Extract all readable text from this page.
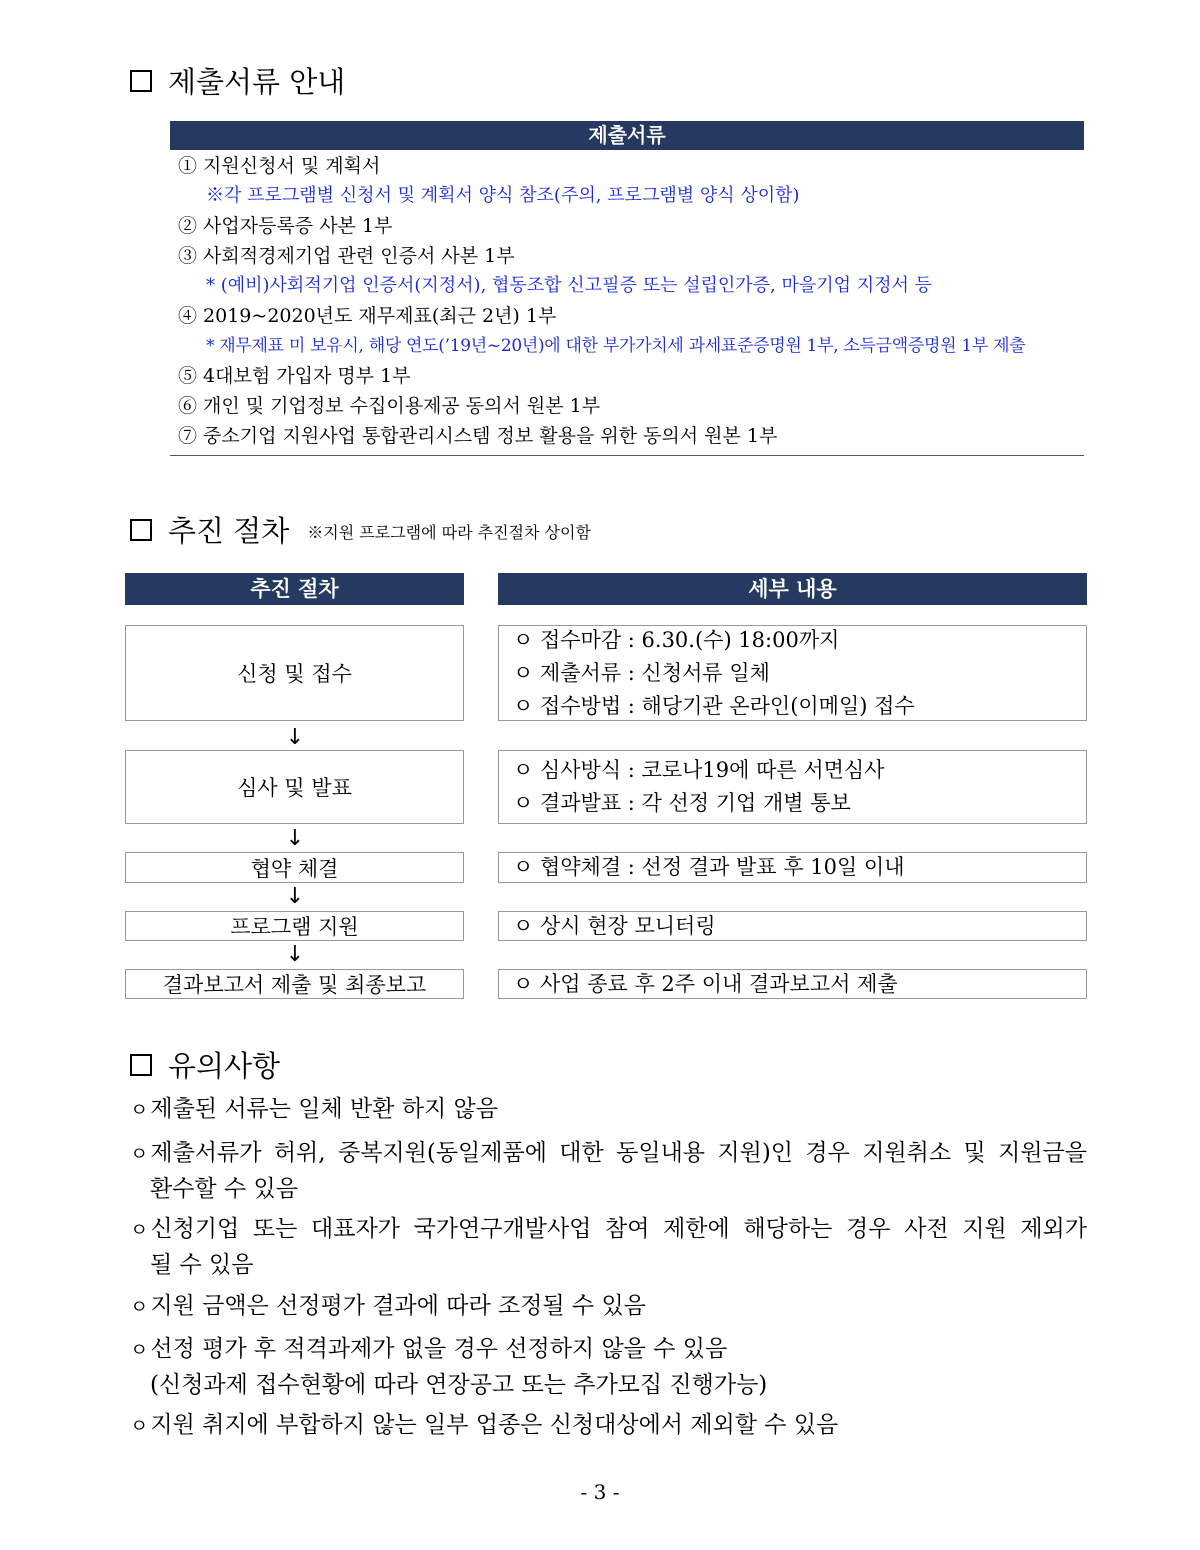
제출서류 안내
제출서류
① 지원신청서 및 계획서
※각 프로그램별 신청서 및 계획서 양식 참조(주의, 프로그램별 양식 상이함)
② 사업자등록증 사본 1부
③ 사회적경제기업 관련 인증서 사본 1부
* (예비)사회적기업 인증서(지정서), 협동조합 신고필증 또는 설립인가증, 마을기업 지정서 등
④ 2019~2020년도 재무제표(최근 2년) 1부
* 재무제표 미 보유시, 해당 연도(’19년~20년)에 대한 부가가치세 과세표준증명원 1부, 소득금액증명원 1부 제출
⑤ 4대보험 가입자 명부 1부
⑥ 개인 및 기업정보 수집이용제공 동의서 원본 1부
⑦ 중소기업 지원사업 통합관리시스템 정보 활용을 위한 동의서 원본 1부
추진 절차 ※지원 프로그램에 따라 추진절차 상이함
추진 절차	세부 내용
신청 및 접수
ㅇ 접수마감 : 6.30.(수) 18:00까지
ㅇ 제출서류 : 신청서류 일체
ㅇ 접수방법 : 해당기관 온라인(이메일) 접수
↓
심사 및 발표
ㅇ 심사방식 : 코로나19에 따른 서면심사
ㅇ 결과발표 : 각 선정 기업 개별 통보
↓
협약 체결	ㅇ 협약체결 : 선정 결과 발표 후 10일 이내
↓
프로그램 지원	ㅇ 상시 현장 모니터링
↓
결과보고서 제출 및 최종보고	ㅇ 사업 종료 후 2주 이내 결과보고서 제출
유의사항
ㅇ제출된 서류는 일체 반환 하지 않음
ㅇ제출서류가 허위, 중복지원(동일제품에 대한 동일내용 지원)인 경우 지원취소 및 지원금을
환수할 수 있음
ㅇ신청기업 또는 대표자가 국가연구개발사업 참여 제한에 해당하는 경우 사전 지원 제외가
될 수 있음
ㅇ지원 금액은 선정평가 결과에 따라 조정될 수 있음
ㅇ선정 평가 후 적격과제가 없을 경우 선정하지 않을 수 있음
(신청과제 접수현황에 따라 연장공고 또는 추가모집 진행가능)
ㅇ지원 취지에 부합하지 않는 일부 업종은 신청대상에서 제외할 수 있음
- 3 -
